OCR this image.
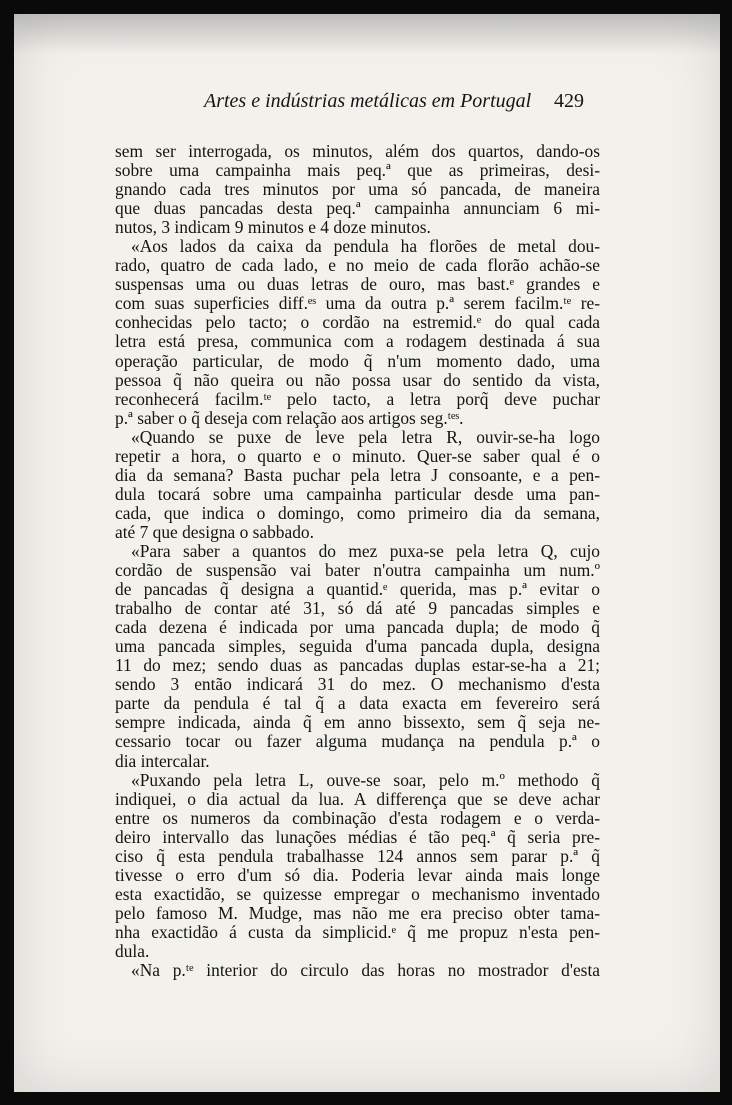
Artes e indústrias metálicas em Portugal 429
sem ser interrogada, os minutos, além dos quartos, dando-os
sobre uma campainha mais peq.ª que as primeiras, desi-
gnando cada tres minutos por uma só pancada, de maneira
que duas pancadas desta peq.ª campainha annunciam 6 mi-
nutos, 3 indicam 9 minutos e 4 doze minutos.
«Aos lados da caixa da pendula ha florões de metal dou-
rado, quatro de cada lado, e no meio de cada florão achão-se
suspensas uma ou duas letras de ouro, mas bast.ᵉ grandes e
com suas superficies diff.ᵉˢ uma da outra p.ª serem facilm.ᵗᵉ re-
conhecidas pelo tacto; o cordão na estremid.ᵉ do qual cada
letra está presa, communica com a rodagem destinada á sua
operação particular, de modo q̃ n'um momento dado, uma
pessoa q̃ não queira ou não possa usar do sentido da vista,
reconhecerá facilm.ᵗᵉ pelo tacto, a letra porq̃ deve puchar
p.ª saber o q̃ deseja com relação aos artigos seg.ᵗᵉˢ.
«Quando se puxe de leve pela letra R, ouvir-se-ha logo
repetir a hora, o quarto e o minuto. Quer-se saber qual é o
dia da semana? Basta puchar pela letra J consoante, e a pen-
dula tocará sobre uma campainha particular desde uma pan-
cada, que indica o domingo, como primeiro dia da semana,
até 7 que designa o sabbado.
«Para saber a quantos do mez puxa-se pela letra Q, cujo
cordão de suspensão vai bater n'outra campainha um num.º
de pancadas q̃ designa a quantid.ᵉ querida, mas p.ª evitar o
trabalho de contar até 31, só dá até 9 pancadas simples e
cada dezena é indicada por uma pancada dupla; de modo q̃
uma pancada simples, seguida d'uma pancada dupla, designa
11 do mez; sendo duas as pancadas duplas estar-se-ha a 21;
sendo 3 então indicará 31 do mez. O mechanismo d'esta
parte da pendula é tal q̃ a data exacta em fevereiro será
sempre indicada, ainda q̃ em anno bissexto, sem q̃ seja ne-
cessario tocar ou fazer alguma mudança na pendula p.ª o
dia intercalar.
«Puxando pela letra L, ouve-se soar, pelo m.º methodo q̃
indiquei, o dia actual da lua. A differença que se deve achar
entre os numeros da combinação d'esta rodagem e o verda-
deiro intervallo das lunações médias é tão peq.ª q̃ seria pre-
ciso q̃ esta pendula trabalhasse 124 annos sem parar p.ª q̃
tivesse o erro d'um só dia. Poderia levar ainda mais longe
esta exactidão, se quizesse empregar o mechanismo inventado
pelo famoso M. Mudge, mas não me era preciso obter tama-
nha exactidão á custa da simplicid.ᵉ q̃ me propuz n'esta pen-
dula.
«Na p.ᵗᵉ interior do circulo das horas no mostrador d'esta
